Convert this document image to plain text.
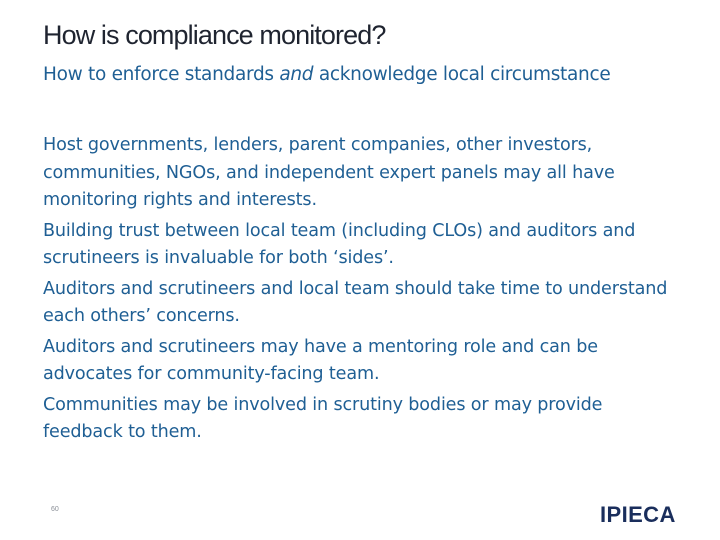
How is compliance monitored?
How to enforce standards and acknowledge local circumstance

Host governments, lenders, parent companies, other investors, communities, NGOs, and independent expert panels may all have monitoring rights and interests.

Building trust between local team (including CLOs) and auditors and scrutineers is invaluable for both ‘sides’.

Auditors and scrutineers and local team should take time to understand each others’ concerns.

Auditors and scrutineers may have a mentoring role and can be advocates for community-facing team.

Communities may be involved in scrutiny bodies or may provide feedback to them.

60	IPIECA
